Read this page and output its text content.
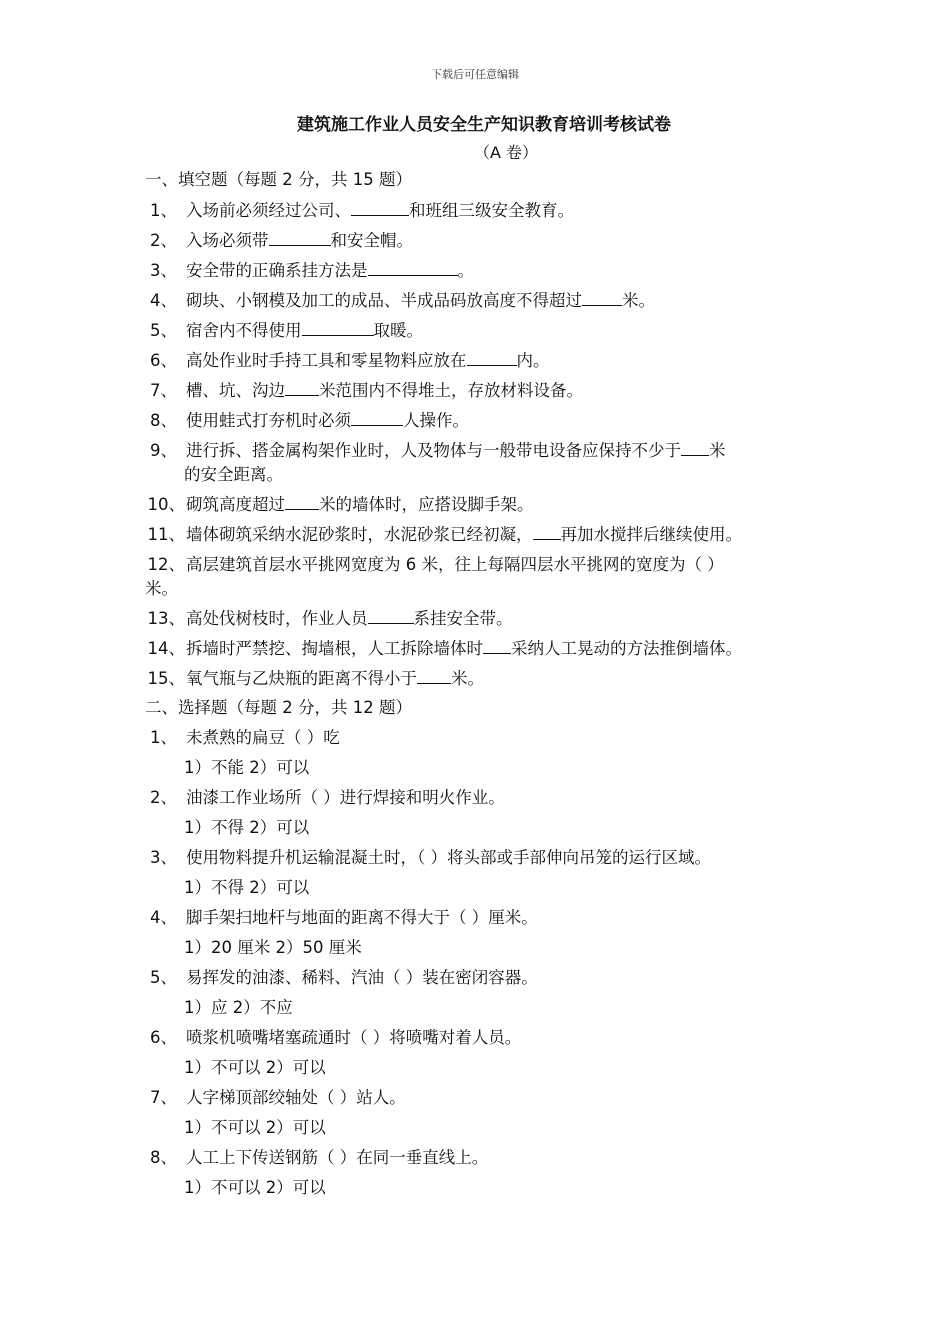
下载后可任意编辑
建筑施工作业人员安全生产知识教育培训考核试卷
（A 卷）
一、填空题（每题 2 分，共 15 题）
1、 入场前必须经过公司、	和班组三级安全教育。
2、 入场必须带	和安全帽。
3、 安全带的正确系挂方法是	。
4、 砌块、小钢模及加工的成品、半成品码放高度不得超过 米。
5、 宿舍内不得使用	取暖。
6、 高处作业时手持工具和零星物料应放在	内。
7、 槽、坑、沟边 米范围内不得堆土，存放材料设备。
8、 使用蛙式打夯机时必须	人操作。
9、 进行拆、搭金属构架作业时，人及物体与一般带电设备应保持不少于 米
的安全距离。
10、 砌筑高度超过 米的墙体时，应搭设脚手架。
11、 墙体砌筑采纳水泥砂浆时，水泥砂浆已经初凝， 再加水搅拌后继续使用。
12、 高层建筑首层水平挑网宽度为 6 米，往上每隔四层水平挑网的宽度为（ ）
米。
13、 高处伐树枝时，作业人员	系挂安全带。
14、 拆墙时严禁挖、掏墙根，人工拆除墙体时 采纳人工晃动的方法推倒墙体。
15、 氧气瓶与乙炔瓶的距离不得小于 米。
二、选择题（每题 2 分，共 12 题）
1、 未煮熟的扁豆（ ）吃
1）不能 2）可以
2、 油漆工作业场所（ ）进行焊接和明火作业。
1）不得 2）可以
3、 使用物料提升机运输混凝土时，（ ）将头部或手部伸向吊笼的运行区域。
1）不得 2）可以
4、 脚手架扫地杆与地面的距离不得大于（ ）厘米。
1）20 厘米 2）50 厘米
5、 易挥发的油漆、稀料、汽油（ ）装在密闭容器。
1）应 2）不应
6、 喷浆机喷嘴堵塞疏通时（ ）将喷嘴对着人员。
1）不可以 2）可以
7、 人字梯顶部绞轴处（ ）站人。
1）不可以 2）可以
8、 人工上下传送钢筋（ ）在同一垂直线上。
1）不可以 2）可以
